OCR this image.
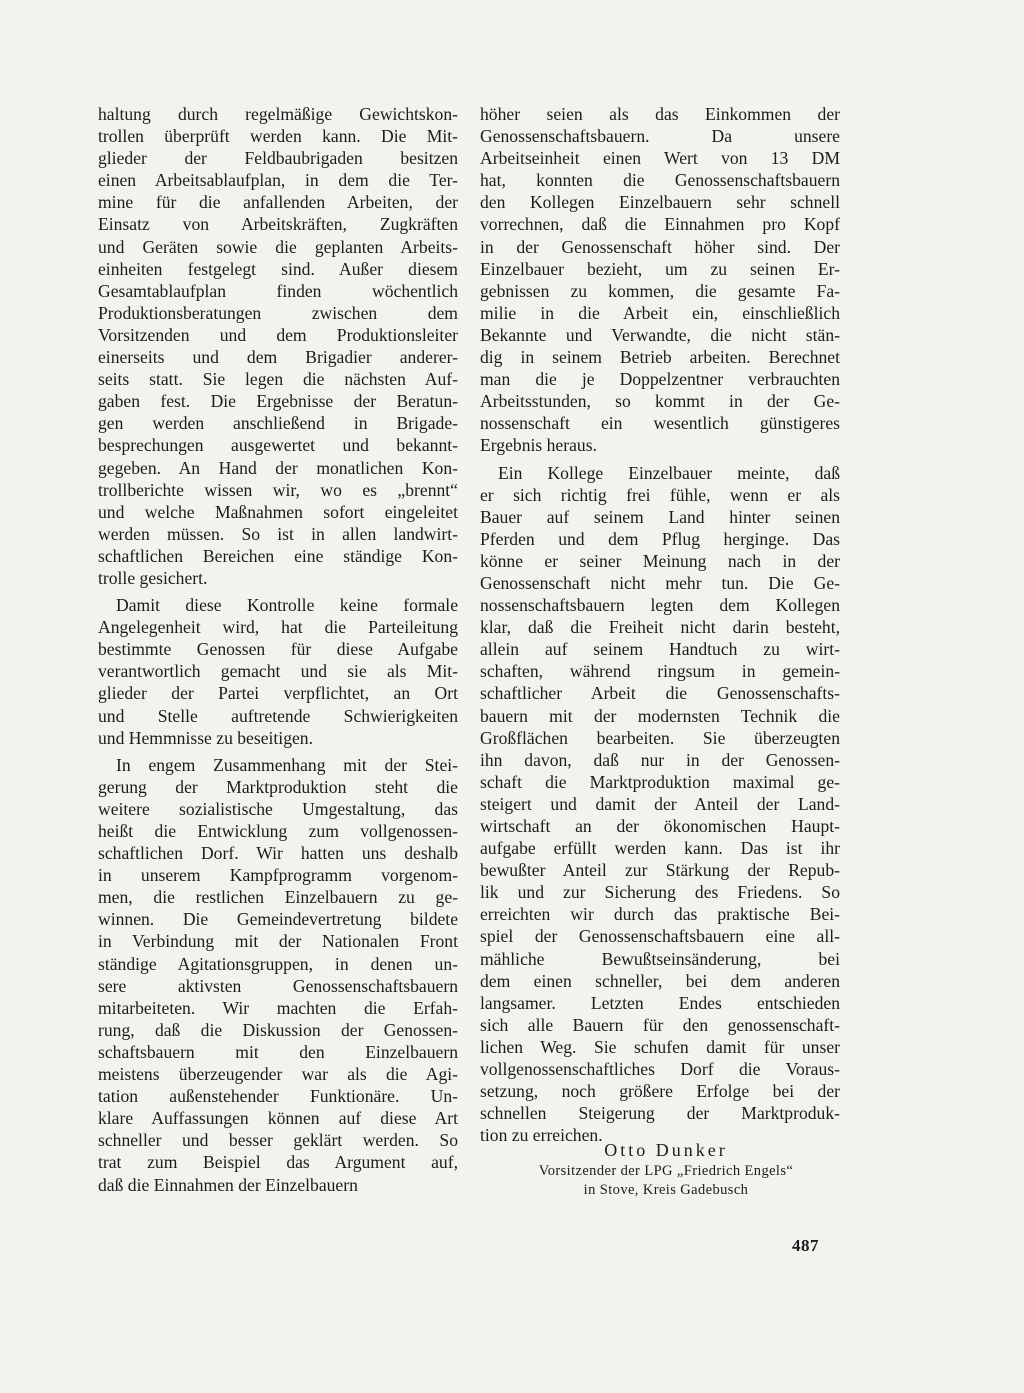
haltung durch regelmäßige Gewichtskon-
trollen überprüft werden kann. Die Mit-
glieder der Feldbaubrigaden besitzen
einen Arbeitsablaufplan, in dem die Ter-
mine für die anfallenden Arbeiten, der
Einsatz von Arbeitskräften, Zugkräften
und Geräten sowie die geplanten Arbeits-
einheiten festgelegt sind. Außer diesem
Gesamtablaufplan finden wöchentlich
Produktionsberatungen zwischen dem
Vorsitzenden und dem Produktionsleiter
einerseits und dem Brigadier anderer-
seits statt. Sie legen die nächsten Auf-
gaben fest. Die Ergebnisse der Beratun-
gen werden anschließend in Brigade-
besprechungen ausgewertet und bekannt-
gegeben. An Hand der monatlichen Kon-
trollberichte wissen wir, wo es „brennt“
und welche Maßnahmen sofort eingeleitet
werden müssen. So ist in allen landwirt-
schaftlichen Bereichen eine ständige Kon-
trolle gesichert.
Damit diese Kontrolle keine formale
Angelegenheit wird, hat die Parteileitung
bestimmte Genossen für diese Aufgabe
verantwortlich gemacht und sie als Mit-
glieder der Partei verpflichtet, an Ort
und Stelle auftretende Schwierigkeiten
und Hemmnisse zu beseitigen.
In engem Zusammenhang mit der Stei-
gerung der Marktproduktion steht die
weitere sozialistische Umgestaltung, das
heißt die Entwicklung zum vollgenossen-
schaftlichen Dorf. Wir hatten uns deshalb
in unserem Kampfprogramm vorgenom-
men, die restlichen Einzelbauern zu ge-
winnen. Die Gemeindevertretung bildete
in Verbindung mit der Nationalen Front
ständige Agitationsgruppen, in denen un-
sere aktivsten Genossenschaftsbauern
mitarbeiteten. Wir machten die Erfah-
rung, daß die Diskussion der Genossen-
schaftsbauern mit den Einzelbauern
meistens überzeugender war als die Agi-
tation außenstehender Funktionäre. Un-
klare Auffassungen können auf diese Art
schneller und besser geklärt werden. So
trat zum Beispiel das Argument auf,
daß die Einnahmen der Einzelbauern
höher seien als das Einkommen der
Genossenschaftsbauern. Da unsere
Arbeitseinheit einen Wert von 13 DM
hat, konnten die Genossenschaftsbauern
den Kollegen Einzelbauern sehr schnell
vorrechnen, daß die Einnahmen pro Kopf
in der Genossenschaft höher sind. Der
Einzelbauer bezieht, um zu seinen Er-
gebnissen zu kommen, die gesamte Fa-
milie in die Arbeit ein, einschließlich
Bekannte und Verwandte, die nicht stän-
dig in seinem Betrieb arbeiten. Berechnet
man die je Doppelzentner verbrauchten
Arbeitsstunden, so kommt in der Ge-
nossenschaft ein wesentlich günstigeres
Ergebnis heraus.
Ein Kollege Einzelbauer meinte, daß
er sich richtig frei fühle, wenn er als
Bauer auf seinem Land hinter seinen
Pferden und dem Pflug herginge. Das
könne er seiner Meinung nach in der
Genossenschaft nicht mehr tun. Die Ge-
nossenschaftsbauern legten dem Kollegen
klar, daß die Freiheit nicht darin besteht,
allein auf seinem Handtuch zu wirt-
schaften, während ringsum in gemein-
schaftlicher Arbeit die Genossenschafts-
bauern mit der modernsten Technik die
Großflächen bearbeiten. Sie überzeugten
ihn davon, daß nur in der Genossen-
schaft die Marktproduktion maximal ge-
steigert und damit der Anteil der Land-
wirtschaft an der ökonomischen Haupt-
aufgabe erfüllt werden kann. Das ist ihr
bewußter Anteil zur Stärkung der Repub-
lik und zur Sicherung des Friedens. So
erreichten wir durch das praktische Bei-
spiel der Genossenschaftsbauern eine all-
mähliche Bewußtseinsänderung, bei
dem einen schneller, bei dem anderen
langsamer. Letzten Endes entschieden
sich alle Bauern für den genossenschaft-
lichen Weg. Sie schufen damit für unser
vollgenossenschaftliches Dorf die Voraus-
setzung, noch größere Erfolge bei der
schnellen Steigerung der Marktproduk-
tion zu erreichen.
Otto Dunker
Vorsitzender der LPG „Friedrich Engels“
in Stove, Kreis Gadebusch
487
